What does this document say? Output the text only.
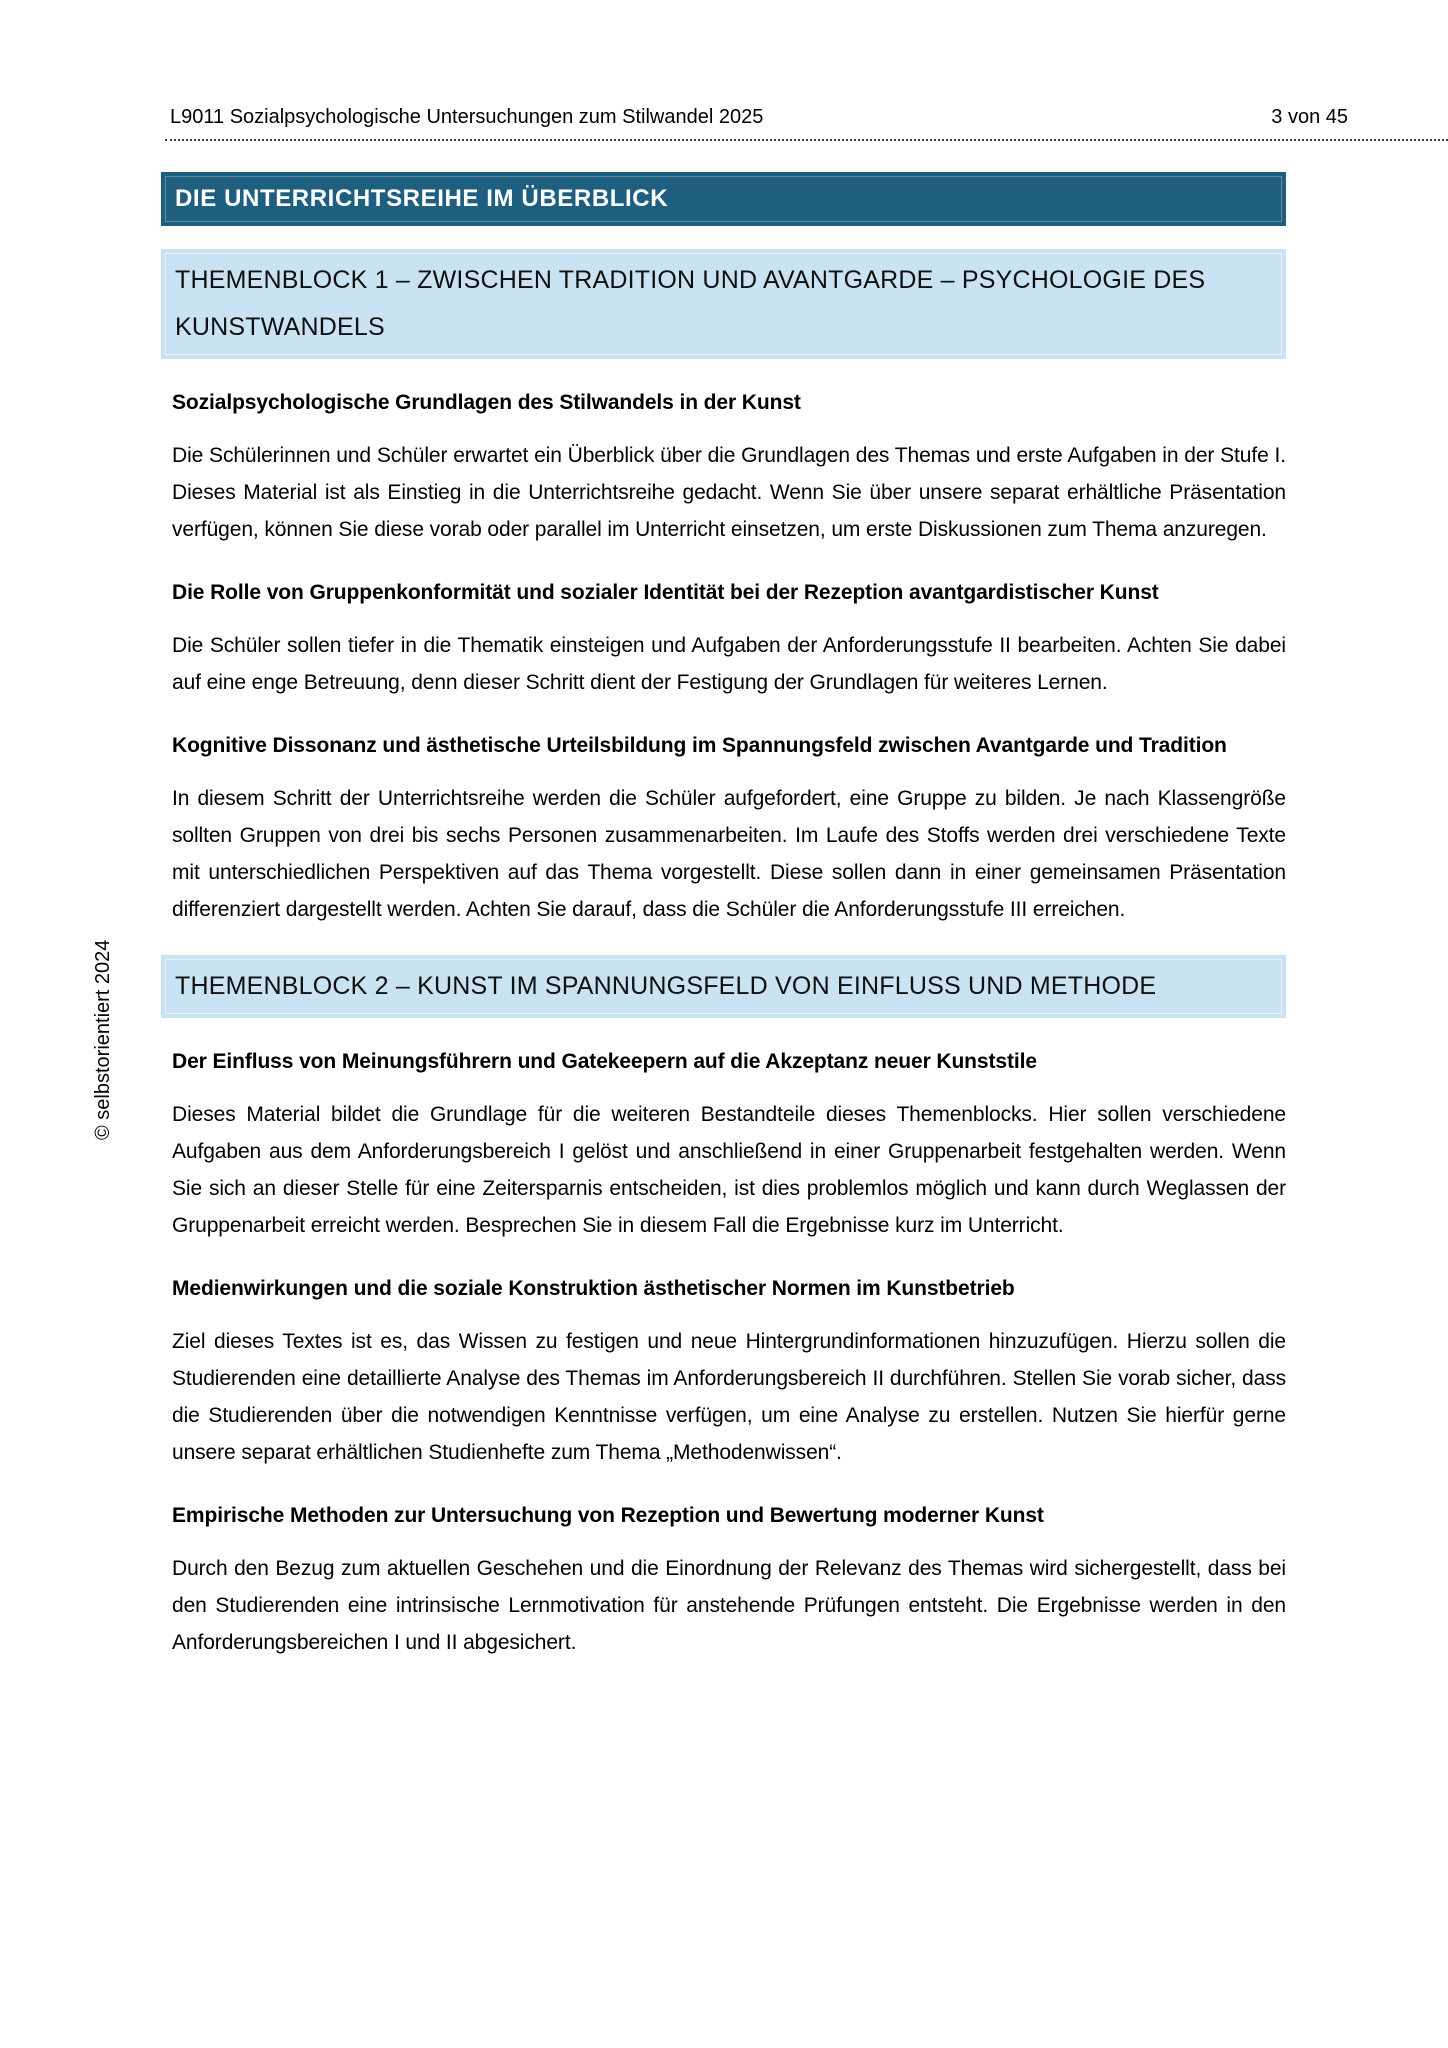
L9011 Sozialpsychologische Untersuchungen zum Stilwandel 2025	3 von 45
DIE UNTERRICHTSREIHE IM ÜBERBLICK
THEMENBLOCK 1 – ZWISCHEN TRADITION UND AVANTGARDE – PSYCHOLOGIE DES KUNSTWANDELS
Sozialpsychologische Grundlagen des Stilwandels in der Kunst

Die Schülerinnen und Schüler erwartet ein Überblick über die Grundlagen des Themas und erste Aufgaben in der Stufe I. Dieses Material ist als Einstieg in die Unterrichtsreihe gedacht. Wenn Sie über unsere separat erhältliche Präsentation verfügen, können Sie diese vorab oder parallel im Unterricht einsetzen, um erste Diskussionen zum Thema anzuregen.

Die Rolle von Gruppenkonformität und sozialer Identität bei der Rezeption avantgardistischer Kunst

Die Schüler sollen tiefer in die Thematik einsteigen und Aufgaben der Anforderungsstufe II bearbeiten. Achten Sie dabei auf eine enge Betreuung, denn dieser Schritt dient der Festigung der Grundlagen für weiteres Lernen.

Kognitive Dissonanz und ästhetische Urteilsbildung im Spannungsfeld zwischen Avantgarde und Tradition

In diesem Schritt der Unterrichtsreihe werden die Schüler aufgefordert, eine Gruppe zu bilden. Je nach Klassengröße sollten Gruppen von drei bis sechs Personen zusammenarbeiten. Im Laufe des Stoffs werden drei verschiedene Texte mit unterschiedlichen Perspektiven auf das Thema vorgestellt. Diese sollen dann in einer gemeinsamen Präsentation differenziert dargestellt werden. Achten Sie darauf, dass die Schüler die Anforderungsstufe III erreichen.

THEMENBLOCK 2 – KUNST IM SPANNUNGSFELD VON EINFLUSS UND METHODE
Der Einfluss von Meinungsführern und Gatekeepern auf die Akzeptanz neuer Kunststile

Dieses Material bildet die Grundlage für die weiteren Bestandteile dieses Themenblocks. Hier sollen verschiedene Aufgaben aus dem Anforderungsbereich I gelöst und anschließend in einer Gruppenarbeit festgehalten werden. Wenn Sie sich an dieser Stelle für eine Zeitersparnis entscheiden, ist dies problemlos möglich und kann durch Weglassen der Gruppenarbeit erreicht werden. Besprechen Sie in diesem Fall die Ergebnisse kurz im Unterricht.

Medienwirkungen und die soziale Konstruktion ästhetischer Normen im Kunstbetrieb

Ziel dieses Textes ist es, das Wissen zu festigen und neue Hintergrundinformationen hinzuzufügen. Hierzu sollen die Studierenden eine detaillierte Analyse des Themas im Anforderungsbereich II durchführen. Stellen Sie vorab sicher, dass die Studierenden über die notwendigen Kenntnisse verfügen, um eine Analyse zu erstellen. Nutzen Sie hierfür gerne unsere separat erhältlichen Studienhefte zum Thema „Methodenwissen“.

Empirische Methoden zur Untersuchung von Rezeption und Bewertung moderner Kunst

Durch den Bezug zum aktuellen Geschehen und die Einordnung der Relevanz des Themas wird sichergestellt, dass bei den Studierenden eine intrinsische Lernmotivation für anstehende Prüfungen entsteht. Die Ergebnisse werden in den Anforderungsbereichen I und II abgesichert.

© selbstorientiert 2024
